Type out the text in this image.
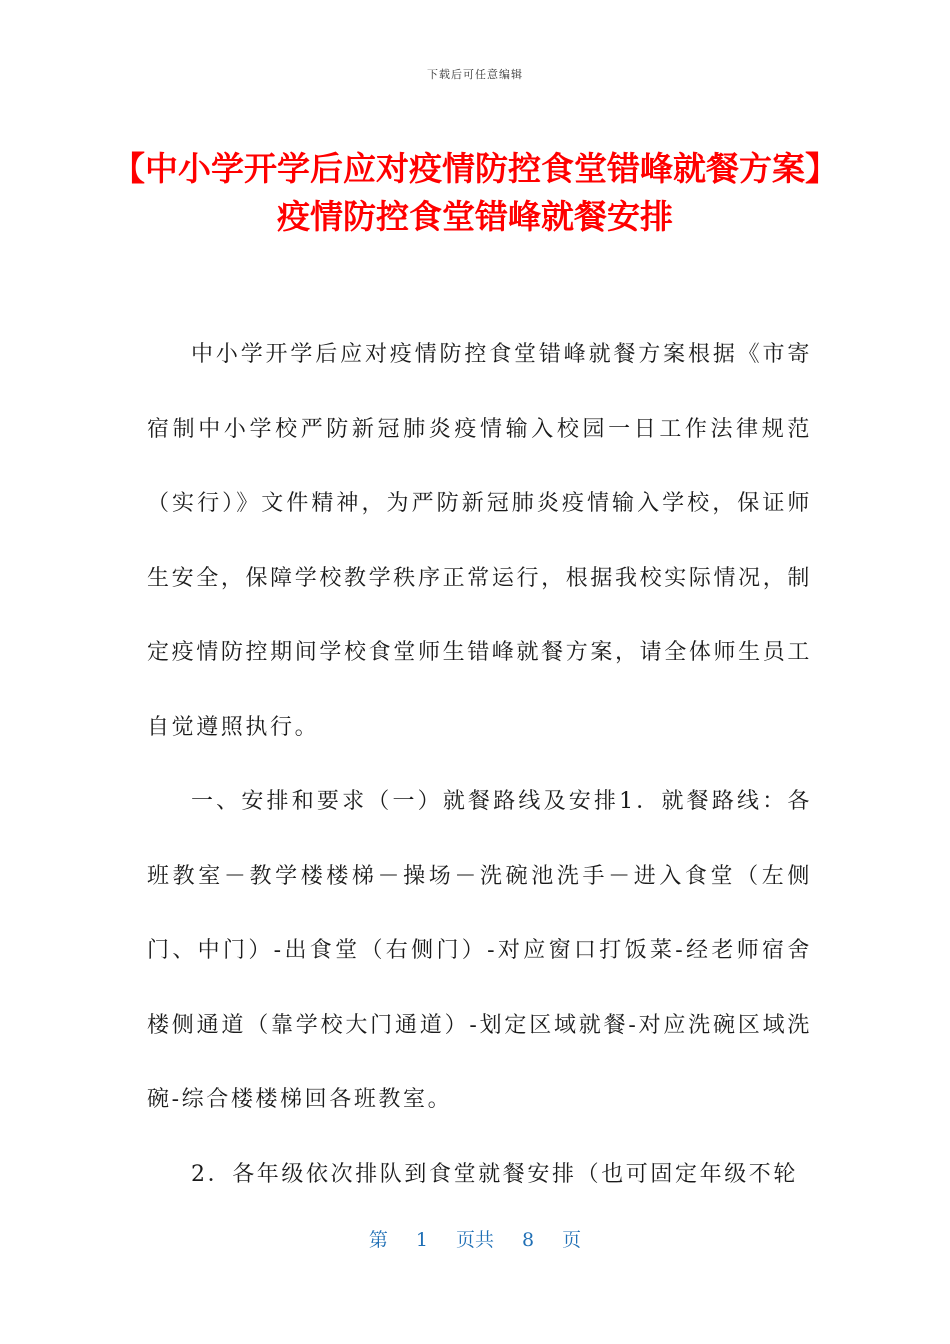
下载后可任意编辑
【中小学开学后应对疫情防控食堂错峰就餐方案】疫情防控食堂错峰就餐安排

中小学开学后应对疫情防控食堂错峰就餐方案根据《市寄宿制中小学校严防新冠肺炎疫情输入校园一日工作法律规范（实行）》文件精神，为严防新冠肺炎疫情输入学校，保证师生安全，保障学校教学秩序正常运行，根据我校实际情况，制定疫情防控期间学校食堂师生错峰就餐方案，请全体师生员工自觉遵照执行。

一、安排和要求（一）就餐路线及安排1．就餐路线：各班教室－教学楼楼梯－操场－洗碗池洗手－进入食堂（左侧门、中门）-出食堂（右侧门）-对应窗口打饭菜-经老师宿舍楼侧通道（靠学校大门通道）-划定区域就餐-对应洗碗区域洗碗-综合楼楼梯回各班教室。

2．各年级依次排队到食堂就餐安排（也可固定年级不轮

第 1 页共 8 页
